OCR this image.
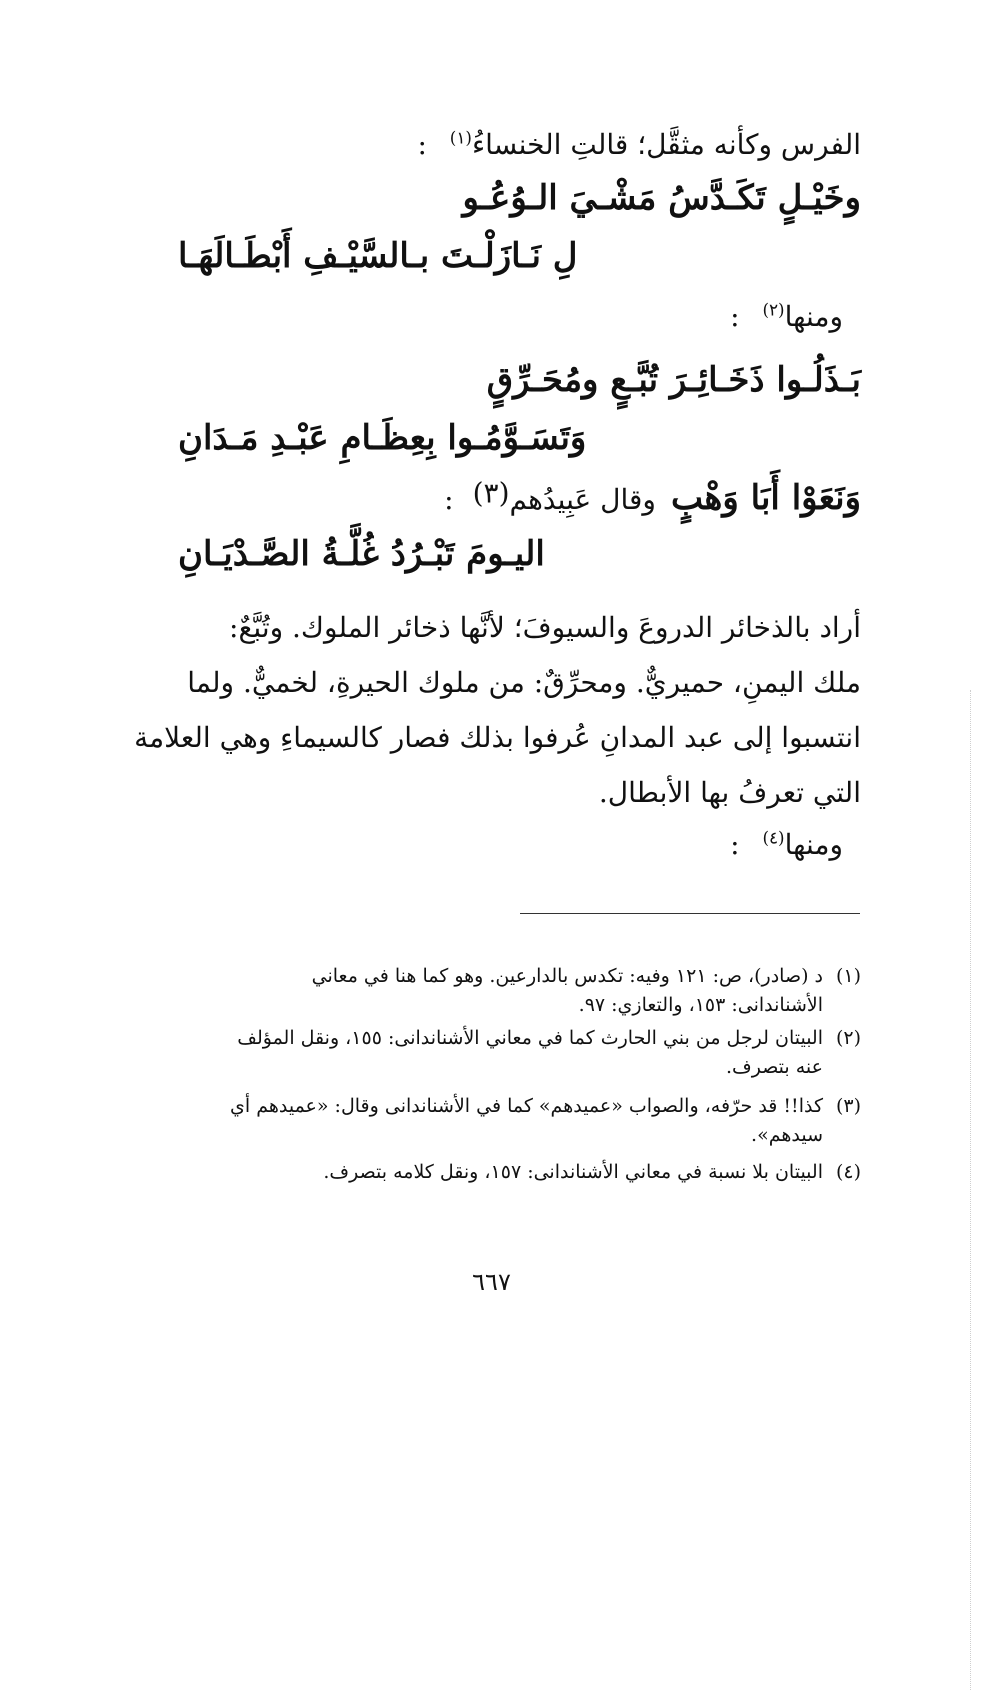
الفرس وكأنه مثقَّل؛ قالتِ الخنساءُ$^{(١)}$ :
وخَيْـلٍ تَكَـدَّسُ مَشْـيَ الـوُعُـو
لِ نَـازَلْـتَ بـالسَّيْـفِ أَبْطَـالَهَـا
ومنها$^{(٢)}$ :
بَـذَلُـوا ذَخَـائِـرَ تُبَّـعٍ ومُحَـرِّقٍ
وَتَسَـوَّمُـوا بِعِظَـامِ عَبْـدِ مَـدَانِ
وَنَعَوْا أَبَا وَهْبٍ وقال عَبِيدُهم$^{(٣)}$ :
اليـومَ تَبْـرُدُ غُلَّـةُ الصَّـدْيَـانِ
أراد بالذخائر الدروعَ والسيوفَ؛ لأنَّها ذخائر الملوك. وتُبَّعٌ:
ملك اليمنِ، حميريٌّ. ومحرِّقٌ: من ملوك الحيرةِ، لخميٌّ. ولما
انتسبوا إلى عبد المدانِ عُرفوا بذلك فصار كالسيماءِ وهي العلامة
التي تعرفُ بها الأبطال.
ومنها$^{(٤)}$ :
(١)د (صادر)، ص: ١٢١ وفيه: تكدس بالدارعين. وهو كما هنا في معاني
الأشناندانى: ١٥٣، والتعازي: ٩٧.
(٢)البيتان لرجل من بني الحارث كما في معاني الأشناندانى: ١٥٥، ونقل المؤلف
عنه بتصرف.
(٣)كذا!! قد حرّفه، والصواب «عميدهم» كما في الأشناندانى وقال: «عميدهم أي
سيدهم».
(٤)البيتان بلا نسبة في معاني الأشناندانى: ١٥٧، ونقل كلامه بتصرف.
٦٦٧
